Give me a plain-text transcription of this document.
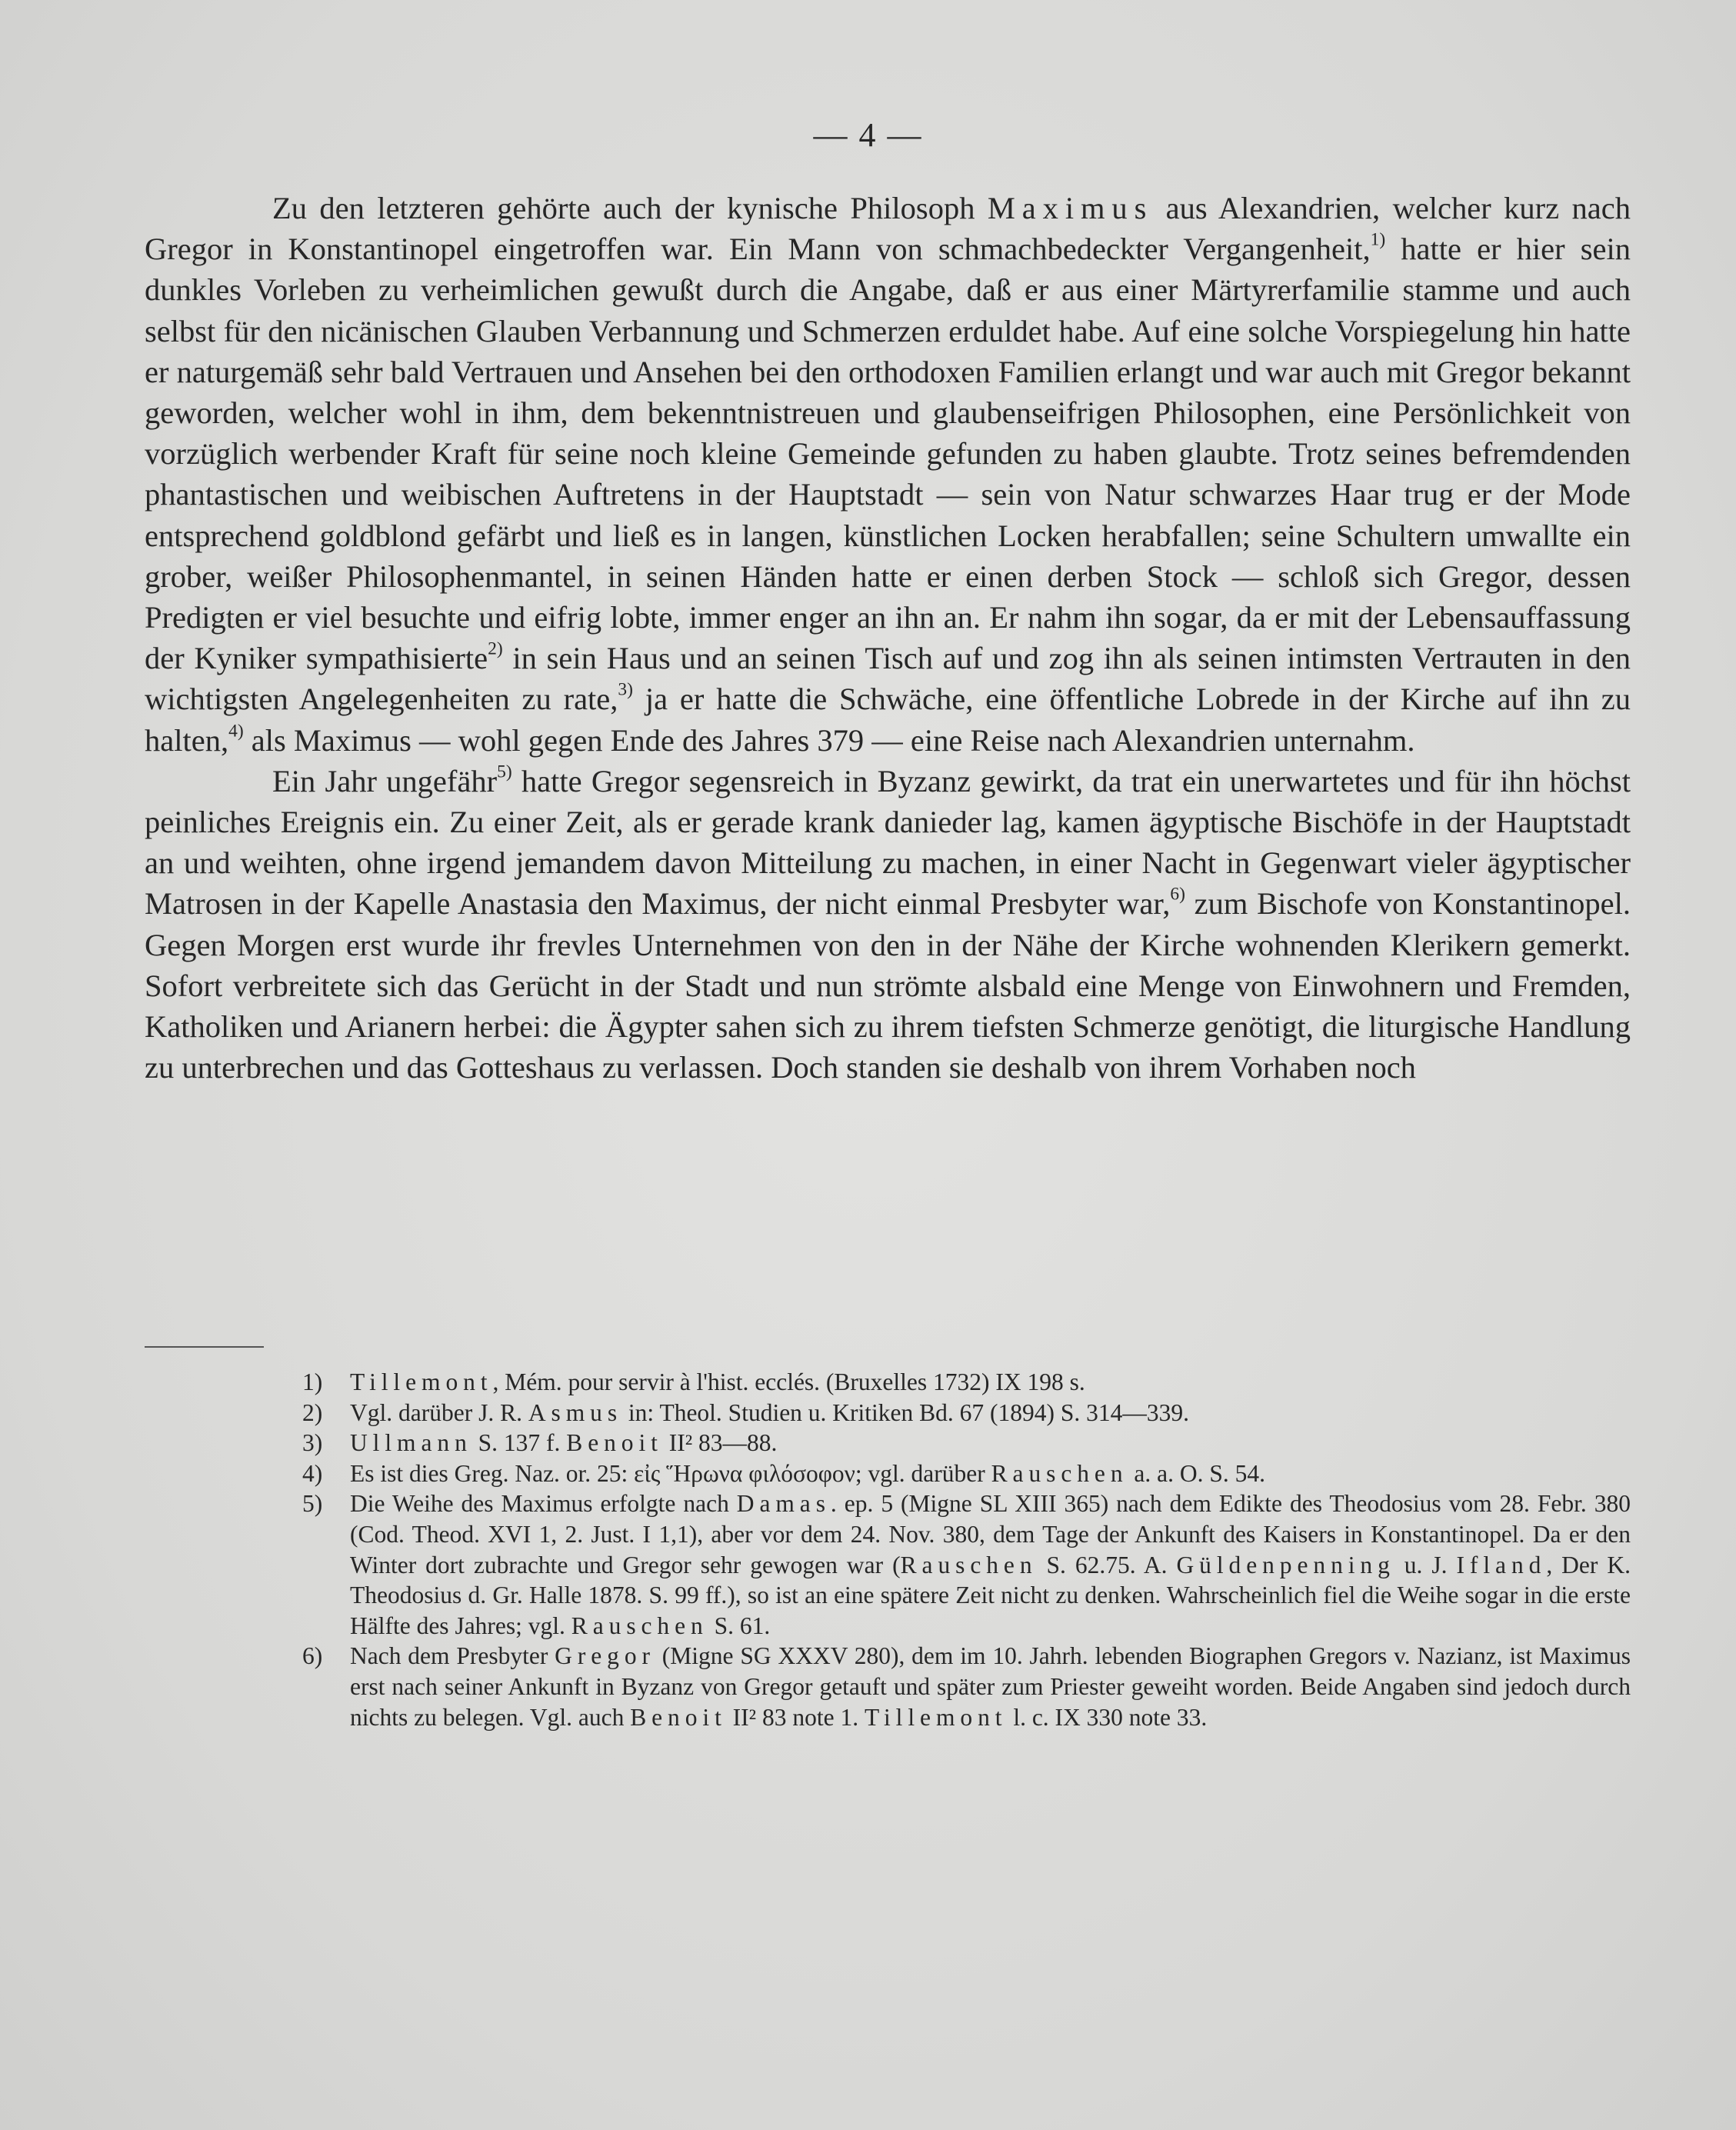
— 4 —

Zu den letzteren gehörte auch der kynische Philosoph Maximus aus Alexandrien, welcher kurz nach Gregor in Konstantinopel eingetroffen war. Ein Mann von schmachbedeckter Vergangenheit,$^{1)}$ hatte er hier sein dunkles Vorleben zu verheimlichen gewußt durch die Angabe, daß er aus einer Märtyrerfamilie stamme und auch selbst für den nicänischen Glauben Verbannung und Schmerzen erduldet habe. Auf eine solche Vorspiegelung hin hatte er naturgemäß sehr bald Vertrauen und Ansehen bei den orthodoxen Familien erlangt und war auch mit Gregor bekannt geworden, welcher wohl in ihm, dem bekenntnistreuen und glaubenseifrigen Philosophen, eine Persönlichkeit von vorzüglich werbender Kraft für seine noch kleine Gemeinde gefunden zu haben glaubte. Trotz seines befremdenden phantastischen und weibischen Auftretens in der Hauptstadt — sein von Natur schwarzes Haar trug er der Mode entsprechend goldblond gefärbt und ließ es in langen, künstlichen Locken herabfallen; seine Schultern umwallte ein grober, weißer Philosophenmantel, in seinen Händen hatte er einen derben Stock — schloß sich Gregor, dessen Predigten er viel besuchte und eifrig lobte, immer enger an ihn an. Er nahm ihn sogar, da er mit der Lebensauffassung der Kyniker sympathisierte$^{2)}$ in sein Haus und an seinen Tisch auf und zog ihn als seinen intimsten Vertrauten in den wichtigsten Angelegenheiten zu rate,$^{3)}$ ja er hatte die Schwäche, eine öffentliche Lobrede in der Kirche auf ihn zu halten,$^{4)}$ als Maximus — wohl gegen Ende des Jahres 379 — eine Reise nach Alexandrien unternahm.

Ein Jahr ungefähr$^{5)}$ hatte Gregor segensreich in Byzanz gewirkt, da trat ein unerwartetes und für ihn höchst peinliches Ereignis ein. Zu einer Zeit, als er gerade krank danieder lag, kamen ägyptische Bischöfe in der Hauptstadt an und weihten, ohne irgend jemandem davon Mitteilung zu machen, in einer Nacht in Gegenwart vieler ägyptischer Matrosen in der Kapelle Anastasia den Maximus, der nicht einmal Presbyter war,$^{6)}$ zum Bischofe von Konstantinopel. Gegen Morgen erst wurde ihr frevles Unternehmen von den in der Nähe der Kirche wohnenden Klerikern gemerkt. Sofort verbreitete sich das Gerücht in der Stadt und nun strömte alsbald eine Menge von Einwohnern und Fremden, Katholiken und Arianern herbei: die Ägypter sahen sich zu ihrem tiefsten Schmerze genötigt, die liturgische Handlung zu unterbrechen und das Gotteshaus zu verlassen. Doch standen sie deshalb von ihrem Vorhaben noch

1) Tillemont, Mém. pour servir à l'hist. ecclés. (Bruxelles 1732) IX 198 s.
2) Vgl. darüber J. R. Asmus in: Theol. Studien u. Kritiken Bd. 67 (1894) S. 314—339.
3) Ullmann S. 137 f. Benoit II² 83—88.
4) Es ist dies Greg. Naz. or. 25: εἰς Ἥρωνα φιλόσοφον; vgl. darüber Rauschen a. a. O. S. 54.
5) Die Weihe des Maximus erfolgte nach Damas. ep. 5 (Migne SL XIII 365) nach dem Edikte des Theodosius vom 28. Febr. 380 (Cod. Theod. XVI 1, 2. Just. I 1,1), aber vor dem 24. Nov. 380, dem Tage der Ankunft des Kaisers in Konstantinopel. Da er den Winter dort zubrachte und Gregor sehr gewogen war (Rauschen S. 62.75. A. Güldenpenning u. J. Ifland, Der K. Theodosius d. Gr. Halle 1878. S. 99 ff.), so ist an eine spätere Zeit nicht zu denken. Wahrscheinlich fiel die Weihe sogar in die erste Hälfte des Jahres; vgl. Rauschen S. 61.
6) Nach dem Presbyter Gregor (Migne SG XXXV 280), dem im 10. Jahrh. lebenden Biographen Gregors v. Nazianz, ist Maximus erst nach seiner Ankunft in Byzanz von Gregor getauft und später zum Priester geweiht worden. Beide Angaben sind jedoch durch nichts zu belegen. Vgl. auch Benoit II² 83 note 1. Tillemont l. c. IX 330 note 33.
